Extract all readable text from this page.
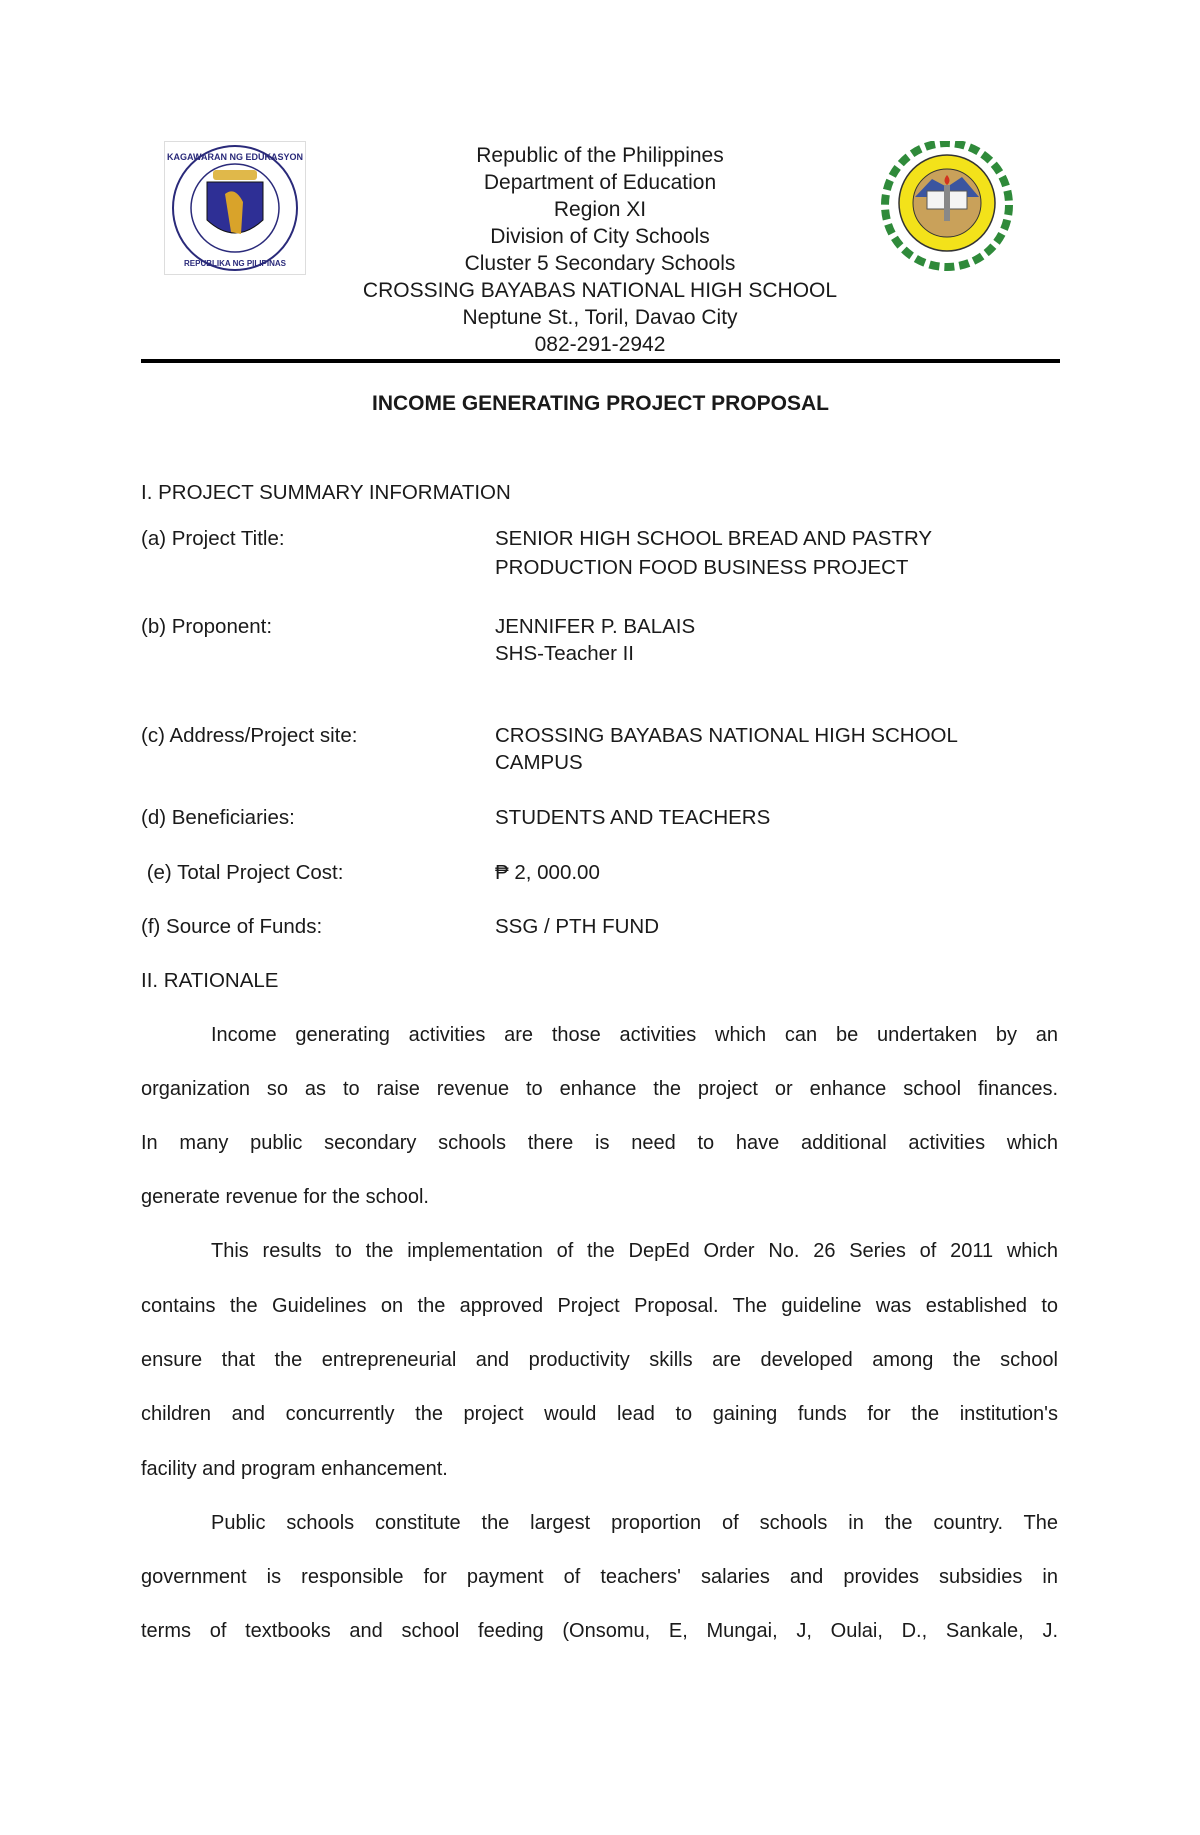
KAGAWARAN NG EDUKASYON
REPUBLIKA NG PILIPINAS
Republic of the Philippines
Department of Education
Region XI
Division of City Schools
Cluster 5 Secondary Schools
CROSSING BAYABAS NATIONAL HIGH SCHOOL
Neptune St., Toril, Davao City
082-291-2942
INCOME GENERATING PROJECT PROPOSAL
I. PROJECT SUMMARY INFORMATION
(a) Project Title:	SENIOR HIGH SCHOOL BREAD AND PASTRY
PRODUCTION FOOD BUSINESS PROJECT
(b) Proponent:	JENNIFER P. BALAIS
SHS-Teacher II
(c) Address/Project site:	CROSSING BAYABAS NATIONAL HIGH SCHOOL
CAMPUS
(d) Beneficiaries:	STUDENTS AND TEACHERS
(e) Total Project Cost:	₱ 2, 000.00
(f) Source of Funds:	SSG / PTH FUND
II. RATIONALE
Income generating activities are those activities which can be undertaken by an
organization so as to raise revenue to enhance the project or enhance school finances.
In many public secondary schools there is need to have additional activities which
generate revenue for the school.
This results to the implementation of the DepEd Order No. 26 Series of 2011 which
contains the Guidelines on the approved Project Proposal. The guideline was established to
ensure that the entrepreneurial and productivity skills are developed among the school
children and concurrently the project would lead to gaining funds for the institution's
facility and program enhancement.
Public schools constitute the largest proportion of schools in the country. The
government is responsible for payment of teachers' salaries and provides subsidies in
terms of textbooks and school feeding (Onsomu, E, Mungai, J, Oulai, D., Sankale, J.
